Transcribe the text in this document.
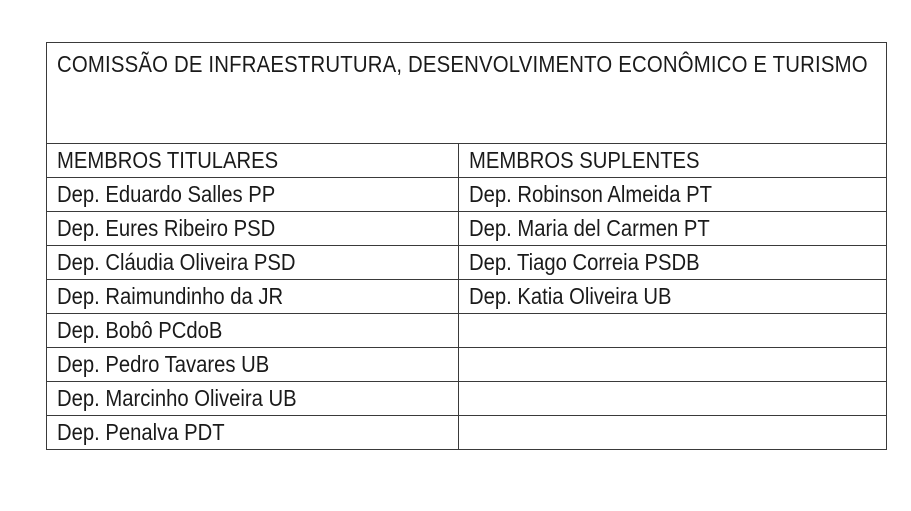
COMISSÃO DE INFRAESTRUTURA, DESENVOLVIMENTO ECONÔMICO E TURISMO	

MEMBROS TITULARES	MEMBROS SUPLENTES
Dep. Eduardo Salles PP	Dep. Robinson Almeida PT
Dep. Eures Ribeiro PSD	Dep. Maria del Carmen PT
Dep. Cláudia Oliveira PSD	Dep. Tiago Correia PSDB
Dep. Raimundinho da JR	Dep. Katia Oliveira UB
Dep. Bobô PCdoB	
Dep. Pedro Tavares UB	
Dep. Marcinho Oliveira UB	
Dep. Penalva PDT	
